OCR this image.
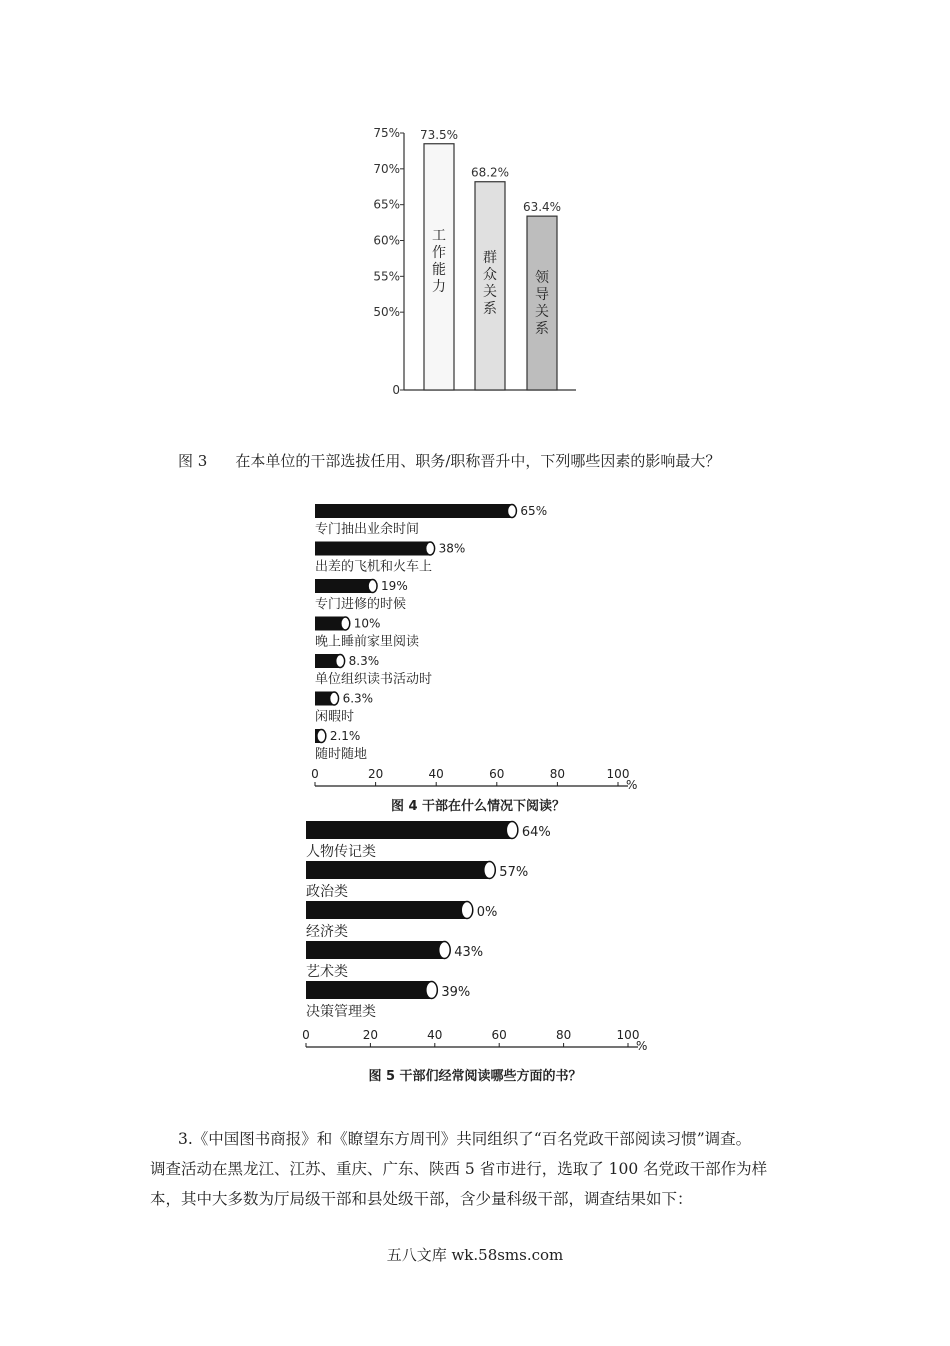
75%
70%
65%
60%
55%
50%
0
73.5%
工作能力
68.2%
群众关系
63.4%
领导关系
图 3 在本单位的干部选拔任用、职务/职称晋升中，下列哪些因素的影响最大？
65%
专门抽出业余时间
38%
出差的飞机和火车上
19%
专门进修的时候
10%
晚上睡前家里阅读
8.3%
单位组织读书活动时
6.3%
闲暇时
2.1%
随时随地
0	20	40	60	80	100
%
图 4 干部在什么情况下阅读？
64%
人物传记类
57%
政治类
0%
经济类
43%
艺术类
39%
决策管理类
0	20	40	60	80	100
%
图 5 干部们经常阅读哪些方面的书？

3.《中国图书商报》和《瞭望东方周刊》共同组织了“百名党政干部阅读习惯”调查。

调查活动在黑龙江、江苏、重庆、广东、陕西 5 省市进行，选取了 100 名党政干部作为样

本，其中大多数为厅局级干部和县处级干部，含少量科级干部，调查结果如下：

五八文库 wk.58sms.com
